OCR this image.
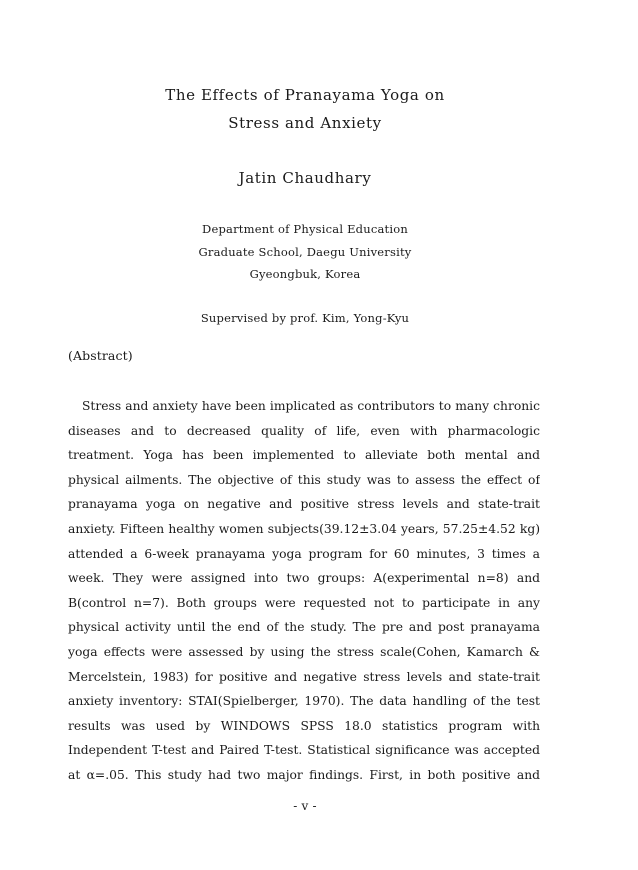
The Effects of Pranayama Yoga on
Stress and Anxiety
Jatin Chaudhary
Department of Physical Education
Graduate School, Daegu University
Gyeongbuk, Korea
Supervised by prof. Kim, Yong-Kyu
(Abstract)
Stress and anxiety have been implicated as contributors to many chronic
diseases and to decreased quality of life, even with pharmacologic
treatment. Yoga has been implemented to alleviate both mental and
physical ailments. The objective of this study was to assess the effect of
pranayama yoga on negative and positive stress levels and state-trait
anxiety. Fifteen healthy women subjects(39.12±3.04 years, 57.25±4.52 kg)
attended a 6-week pranayama yoga program for 60 minutes, 3 times a
week. They were assigned into two groups: A(experimental n=8) and
B(control n=7). Both groups were requested not to participate in any
physical activity until the end of the study. The pre and post pranayama
yoga effects were assessed by using the stress scale(Cohen, Kamarch &
Mercelstein, 1983) for positive and negative stress levels and state-trait
anxiety inventory: STAI(Spielberger, 1970). The data handling of the test
results was used by WINDOWS SPSS 18.0 statistics program with
Independent T-test and Paired T-test. Statistical significance was accepted
at α=.05. This study had two major findings. First, in both positive and
- v -
